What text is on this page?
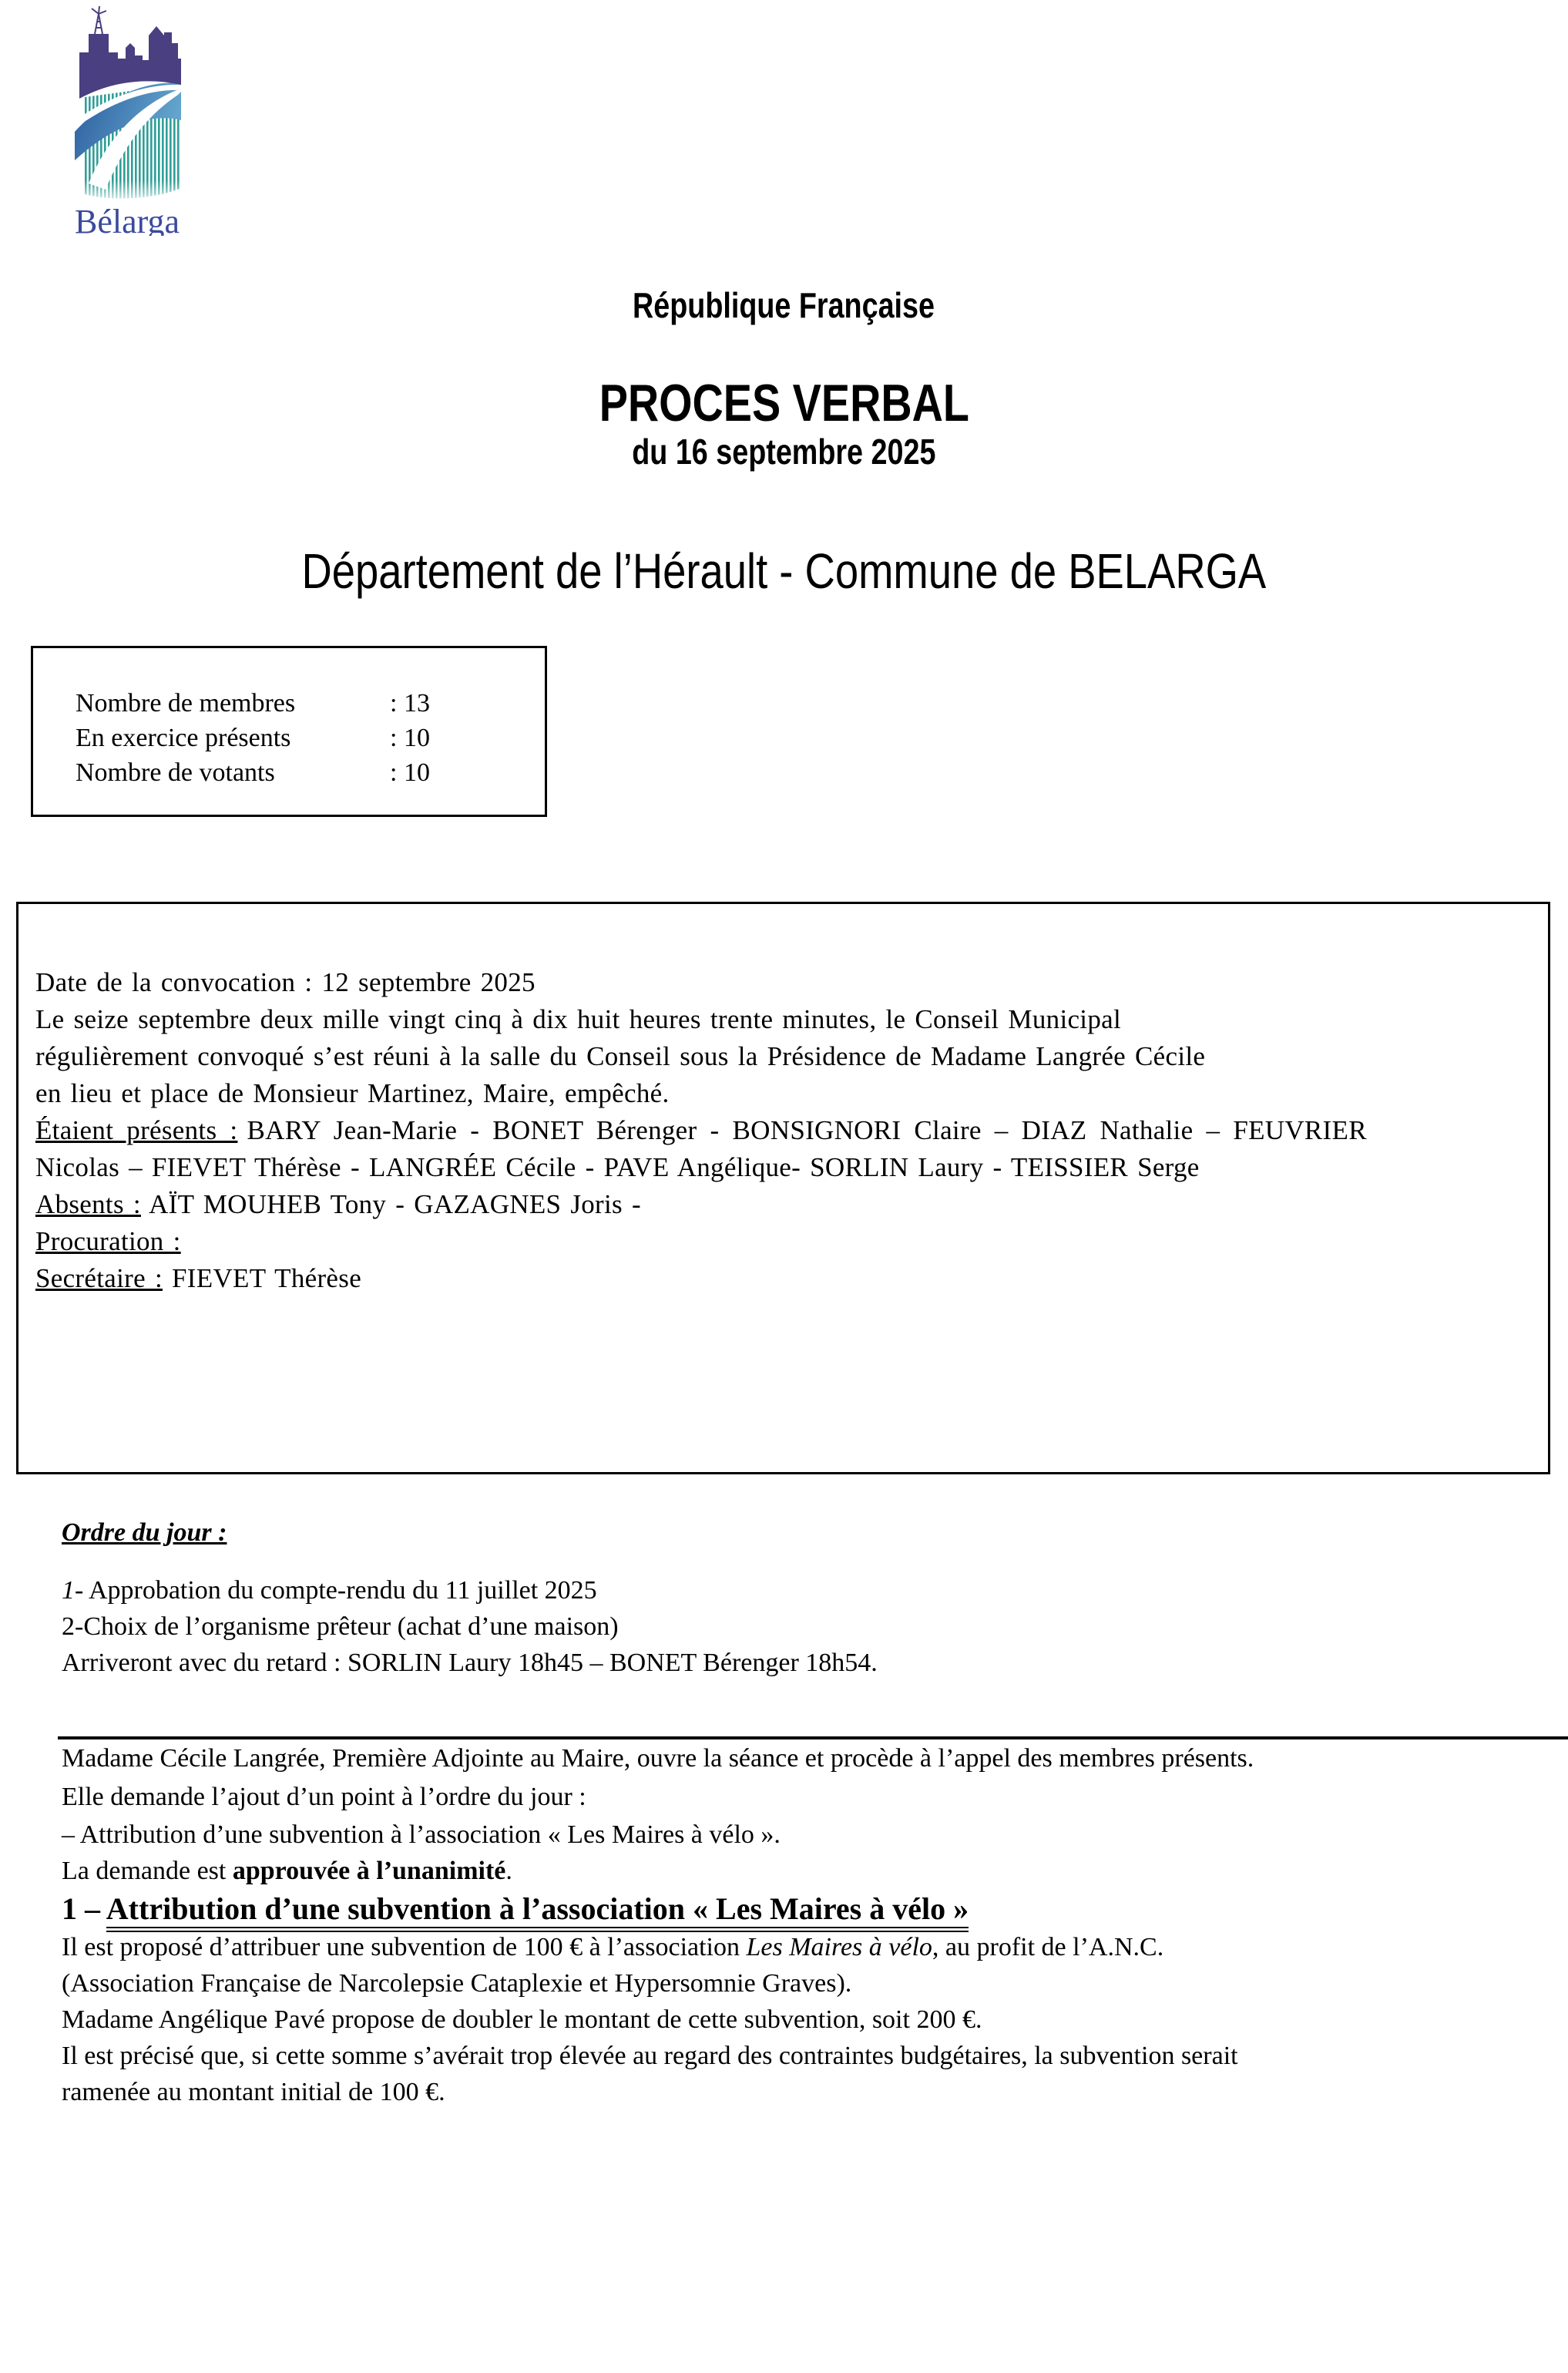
Bélarga
République Française
PROCES VERBAL
du 16 septembre 2025
Département de l’Hérault - Commune de BELARGA
Nombre de membres	: 13
En exercice présents	: 10
Nombre de votants	: 10

Date de la convocation : 12 septembre 2025

Le seize septembre deux mille vingt cinq à dix huit heures trente minutes, le Conseil Municipal
régulièrement convoqué s’est réuni à la salle du Conseil sous la Présidence de Madame Langrée Cécile
en lieu et place de Monsieur Martinez, Maire, empêché.

Étaient présents : BARY Jean-Marie - BONET Bérenger - BONSIGNORI Claire – DIAZ Nathalie – FEUVRIER
Nicolas – FIEVET Thérèse - LANGRÉE Cécile - PAVE Angélique- SORLIN Laury - TEISSIER Serge

Absents : AÏT MOUHEB Tony - GAZAGNES Joris -

Procuration :

Secrétaire : FIEVET Thérèse

Ordre du jour :

1- Approbation du compte-rendu du 11 juillet 2025

2-Choix de l’organisme prêteur (achat d’une maison)

Arriveront avec du retard : SORLIN Laury 18h45 – BONET Bérenger 18h54.

Madame Cécile Langrée, Première Adjointe au Maire, ouvre la séance et procède à l’appel des membres présents.
Elle demande l’ajout d’un point à l’ordre du jour :

– Attribution d’une subvention à l’association « Les Maires à vélo ».

La demande est approuvée à l’unanimité.

1 – Attribution d’une subvention à l’association « Les Maires à vélo »

Il est proposé d’attribuer une subvention de 100 € à l’association Les Maires à vélo, au profit de l’A.N.C.
(Association Française de Narcolepsie Cataplexie et Hypersomnie Graves).

Madame Angélique Pavé propose de doubler le montant de cette subvention, soit 200 €.
Il est précisé que, si cette somme s’avérait trop élevée au regard des contraintes budgétaires, la subvention serait
ramenée au montant initial de 100 €.
